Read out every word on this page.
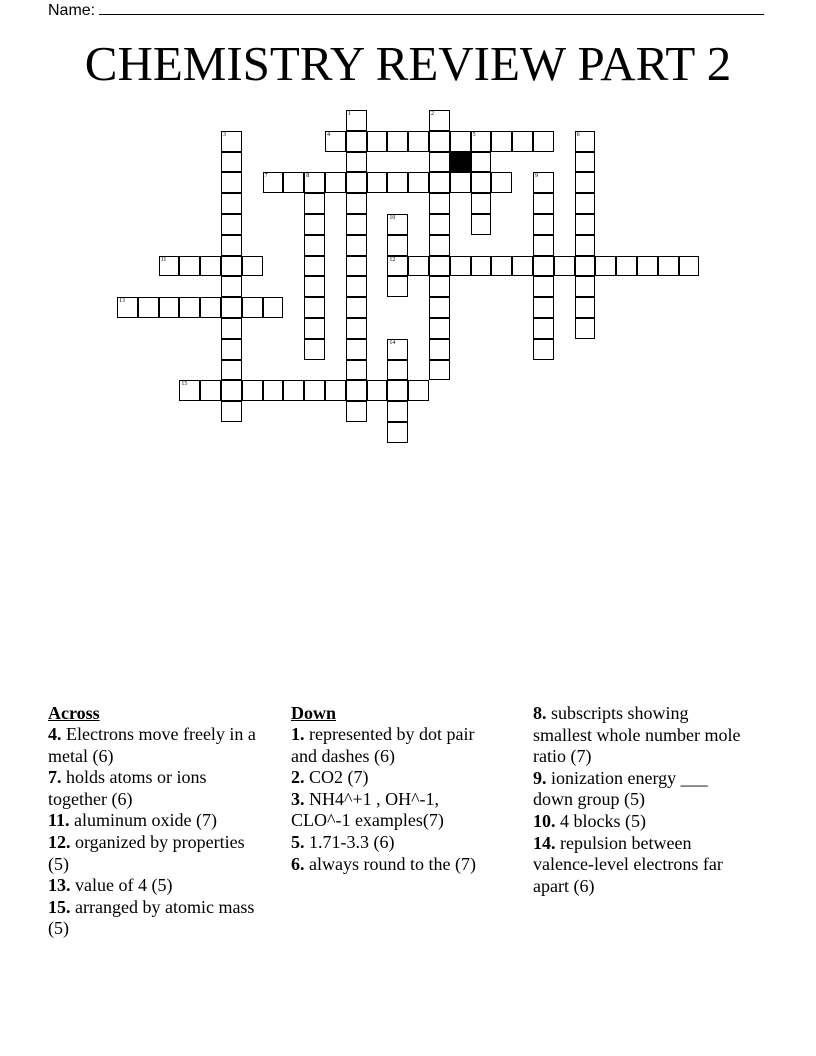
Name:
CHEMISTRY REVIEW PART 2
1	2
3	4	5	6
7	8	9
10
12
11
13
14
15
Across
4. Electrons move freely in a metal (6)
7. holds atoms or ions together (6)
11. aluminum oxide (7)
12. organized by properties (5)
13. value of 4 (5)
15. arranged by atomic mass (5)
Down
1. represented by dot pair and dashes (6)
2. CO2 (7)
3. NH4^+1 , OH^-1, CLO^-1 examples(7)
5. 1.71-3.3 (6)
6. always round to the (7)
8. subscripts showing smallest whole number mole ratio (7)
9. ionization energy ___ down group (5)
10. 4 blocks (5)
14. repulsion between valence-level electrons far apart (6)
